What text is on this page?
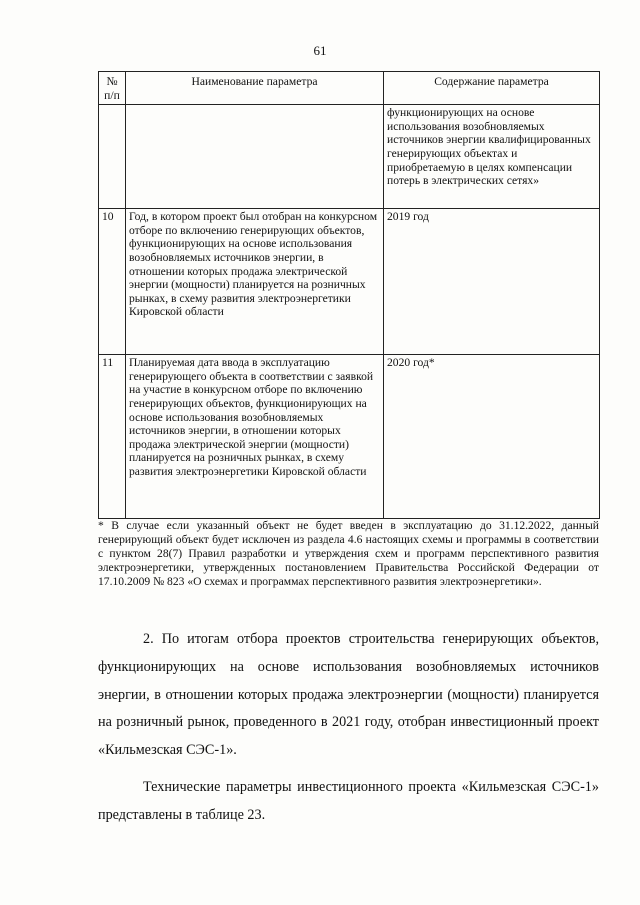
61
№ п/п	Наименование параметра	Содержание параметра
		функционирующих на основе использования возобновляемых источников энергии квалифицированных генерирующих объектах и приобретаемую в целях компенсации потерь в электрических сетях»
10	Год, в котором проект был отобран на конкурсном отборе по включению генерирующих объектов, функционирующих на основе использования возобновляемых источников энергии, в отношении которых продажа электрической энергии (мощности) планируется на розничных рынках, в схему развития электроэнергетики Кировской области	2019 год
11	Планируемая дата ввода в эксплуатацию генерирующего объекта в соответствии с заявкой на участие в конкурсном отборе по включению генерирующих объектов, функционирующих на основе использования возобновляемых источников энергии, в отношении которых продажа электрической энергии (мощности) планируется на розничных рынках, в схему развития электроэнергетики Кировской области	2020 год*
* В случае если указанный объект не будет введен в эксплуатацию до 31.12.2022, данный генерирующий объект будет исключен из раздела 4.6 настоящих схемы и программы в соответствии с пунктом 28(7) Правил разработки и утверждения схем и программ перспективного развития электроэнергетики, утвержденных постановлением Правительства Российской Федерации от 17.10.2009 № 823 «О схемах и программах перспективного развития электроэнергетики».

2. По итогам отбора проектов строительства генерирующих объектов, функционирующих на основе использования возобновляемых источников энергии, в отношении которых продажа электроэнергии (мощности) планируется на розничный рынок, проведенного в 2021 году, отобран инвестиционный проект «Кильмезская СЭС-1».

Технические параметры инвестиционного проекта «Кильмезская СЭС-1» представлены в таблице 23.
